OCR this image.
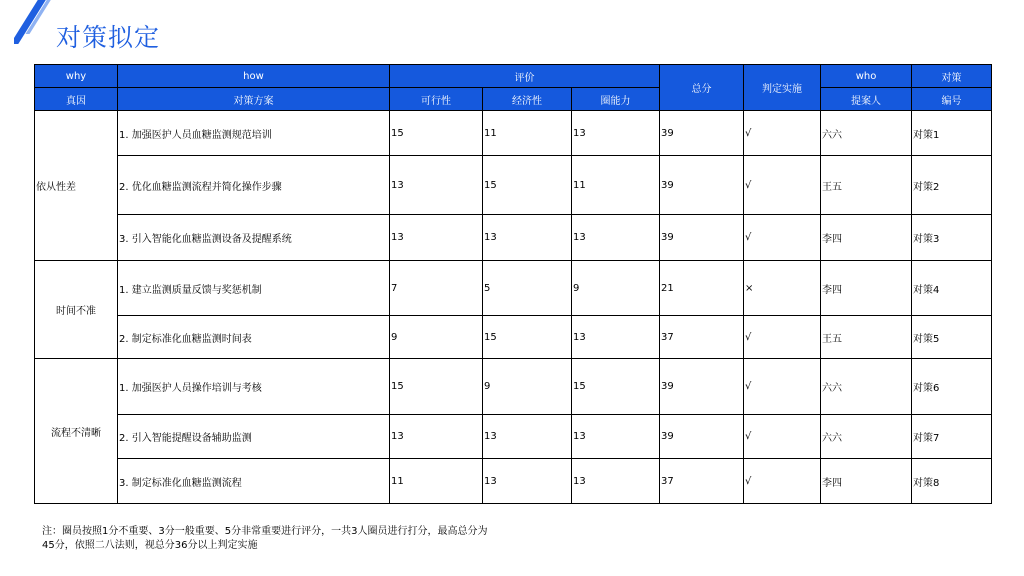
对策拟定
why	how	评价			总分	判定实施	who	对策
真因	对策方案	可行性	经济性	圈能力			提案人	编号
依从性差	1. 加强医护人员血糖监测规范培训	15	11	13	39	√	六六	对策1
	2. 优化血糖监测流程并简化操作步骤	13	15	11	39	√	王五	对策2
	3. 引入智能化血糖监测设备及提醒系统	13	13	13	39	√	李四	对策3
时间不准	1. 建立监测质量反馈与奖惩机制	7	5	9	21	×	李四	对策4
	2. 制定标准化血糖监测时间表	9	15	13	37	√	王五	对策5
流程不清晰	1. 加强医护人员操作培训与考核	15	9	15	39	√	六六	对策6
	2. 引入智能提醒设备辅助监测	13	13	13	39	√	六六	对策7
	3. 制定标准化血糖监测流程	11	13	13	37	√	李四	对策8
注：圈员按照1分不重要、3分一般重要、5分非常重要进行评分，一共3人圈员进行打分，最高总分为
45分，依照二八法则，视总分36分以上判定实施
